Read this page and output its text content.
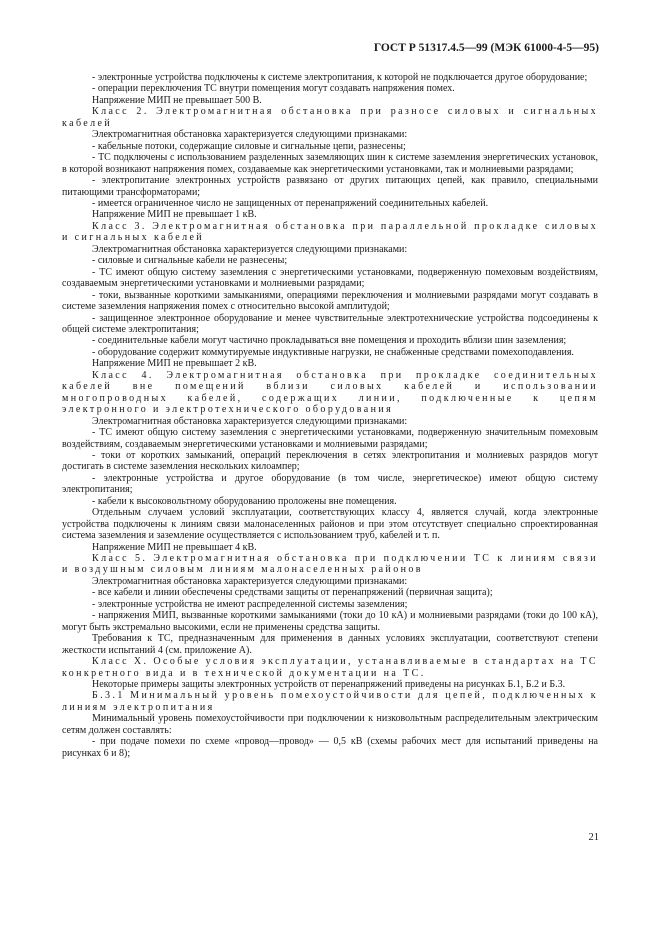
ГОСТ Р 51317.4.5—99 (МЭК 61000-4-5—95)

- электронные устройства подключены к системе электропитания, к которой не подключается другое оборудование;

- операции переключения ТС внутри помещения могут создавать напряжения помех.

Напряжение МИП не превышает 500 В.

Класс 2. Электромагнитная обстановка при разносе силовых и сигнальных кабелей

Электромагнитная обстановка характеризуется следующими признаками:

- кабельные потоки, содержащие силовые и сигнальные цепи, разнесены;

- ТС подключены с использованием разделенных заземляющих шин к системе заземления энергетических установок, в которой возникают напряжения помех, создаваемые как энергетическими установками, так и молниевыми разрядами;

- электропитание электронных устройств развязано от других питающих цепей, как правило, специальными питающими трансформаторами;

- имеется ограниченное число не защищенных от перенапряжений соединительных кабелей.

Напряжение МИП не превышает 1 кВ.

Класс 3. Электромагнитная обстановка при параллельной прокладке силовых и сигнальных кабелей

Электромагнитная обстановка характеризуется следующими признаками:

- силовые и сигнальные кабели не разнесены;

- ТС имеют общую систему заземления с энергетическими установками, подверженную помеховым воздействиям, создаваемым энергетическими установками и молниевыми разрядами;

- токи, вызванные короткими замыканиями, операциями переключения и молниевыми разрядами могут создавать в системе заземления напряжения помех с относительно высокой амплитудой;

- защищенное электронное оборудование и менее чувствительные электротехнические устройства подсоединены к общей системе электропитания;

- соединительные кабели могут частично прокладываться вне помещения и проходить вблизи шин заземления;

- оборудование содержит коммутируемые индуктивные нагрузки, не снабженные средствами помехоподавления.

Напряжение МИП не превышает 2 кВ.

Класс 4. Электромагнитная обстановка при прокладке соединительных кабелей вне помещений вблизи силовых кабелей и использовании многопроводных кабелей, содержащих линии, подключенные к цепям электронного и электротехнического оборудования

Электромагнитная обстановка характеризуется следующими признаками:

- ТС имеют общую систему заземления с энергетическими установками, подверженную значительным помеховым воздействиям, создаваемым энергетическими установками и молниевыми разрядами;

- токи от коротких замыканий, операций переключения в сетях электропитания и молниевых разрядов могут достигать в системе заземления нескольких килоампер;

- электронные устройства и другое оборудование (в том числе, энергетическое) имеют общую систему электропитания;

- кабели к высоковольтному оборудованию проложены вне помещения.

Отдельным случаем условий эксплуатации, соответствующих классу 4, является случай, когда электронные устройства подключены к линиям связи малонаселенных районов и при этом отсутствует специально спроектированная система заземления и заземление осуществляется с использованием труб, кабелей и т. п.

Напряжение МИП не превышает 4 кВ.

Класс 5. Электромагнитная обстановка при подключении ТС к линиям связи и воздушным силовым линиям малонаселенных районов

Электромагнитная обстановка характеризуется следующими признаками:

- все кабели и линии обеспечены средствами защиты от перенапряжений (первичная защита);

- электронные устройства не имеют распределенной системы заземления;

- напряжения МИП, вызванные короткими замыканиями (токи до 10 кА) и молниевыми разрядами (токи до 100 кА), могут быть экстремально высокими, если не применены средства защиты.

Требования к ТС, предназначенным для применения в данных условиях эксплуатации, соответствуют степени жесткости испытаний 4 (см. приложение А).

Класс X. Особые условия эксплуатации, устанавливаемые в стандартах на ТС конкретного вида и в технической документации на ТС.

Некоторые примеры защиты электронных устройств от перенапряжений приведены на рисунках Б.1, Б.2 и Б.3.

Б.3.1 Минимальный уровень помехоустойчивости для цепей, подключенных к линиям электропитания

Минимальный уровень помехоустойчивости при подключении к низковольтным распределительным электрическим сетям должен составлять:

- при подаче помехи по схеме «провод—провод» — 0,5 кВ (схемы рабочих мест для испытаний приведены на рисунках 6 и 8);

21
